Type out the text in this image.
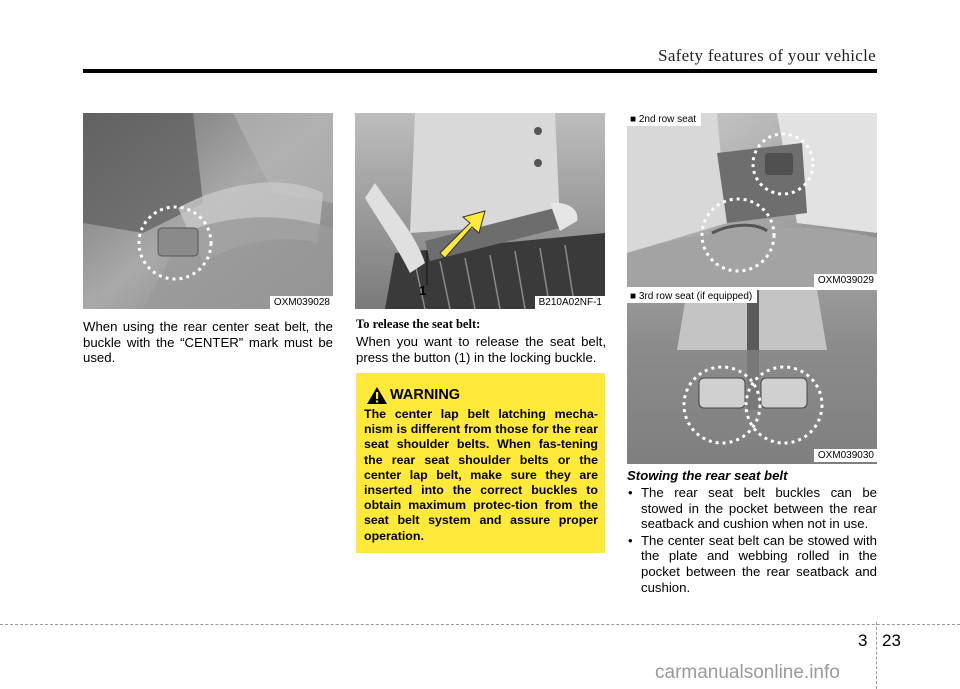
Safety features of your vehicle
OXM039028
1
B210A02NF-1
■ 2nd row seat
OXM039029
■ 3rd row seat (if equipped)
OXM039030
When using the rear center seat belt, the buckle with the “CENTER” mark must be used.
To release the seat belt:
When you want to release the seat belt, press the button (1) in the locking buckle.
WARNING
The center lap belt latching mecha-nism is different from those for the rear seat shoulder belts. When fas-tening the rear seat shoulder belts or the center lap belt, make sure they are inserted into the correct buckles to obtain maximum protec-tion from the seat belt system and assure proper operation.
Stowing the rear seat belt
• The rear seat belt buckles can be stowed in the pocket between the rear seatback and cushion when not in use.
• The center seat belt can be stowed with the plate and webbing rolled in the pocket between the rear seatback and cushion.
3 23
carmanualsonline.info
